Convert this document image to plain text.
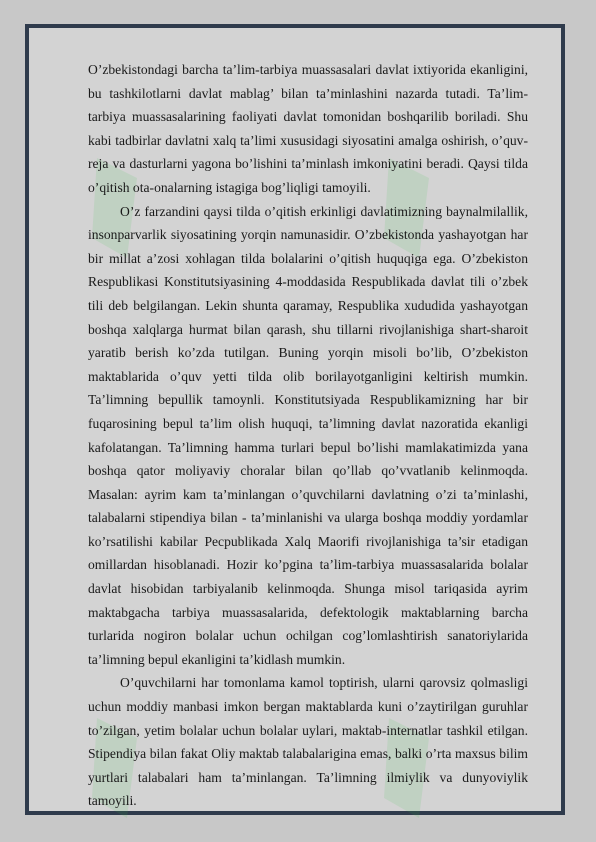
O’zbekistondagi barcha ta’lim-tarbiya muassasalari davlat ixtiyorida ekanligini, bu tashkilotlarni davlat mablag’ bilan ta’minlashini nazarda tutadi. Ta’lim-tarbiya muassasalarining faoliyati davlat tomonidan boshqarilib boriladi. Shu kabi tadbirlar davlatni xalq ta’limi xususidagi siyosatini amalga oshirish, o’quv-reja va dasturlarni yagona bo’lishini ta’minlash imkoniyatini beradi. Qaysi tilda o’qitish ota-onalarning istagiga bog’liqligi tamoyili.

O’z farzandini qaysi tilda o’qitish erkinligi davlatimizning baynalmilallik, insonparvarlik siyosatining yorqin namunasidir. O’zbekistonda yashayotgan har bir millat a’zosi xohlagan tilda bolalarini o’qitish huquqiga ega. O’zbekiston Respublikasi Konstitutsiyasining 4-moddasida Respublikada davlat tili o’zbek tili deb belgilangan. Lekin shunta qaramay, Respublika xududida yashayotgan boshqa xalqlarga hurmat bilan qarash, shu tillarni rivojlanishiga shart-sharoit yaratib berish ko’zda tutilgan. Buning yorqin misoli bo’lib, O’zbekiston maktablarida o’quv yetti tilda olib borilayotganligini keltirish mumkin. Ta’limning bepullik tamoynli. Konstitutsiyada Respublikamizning har bir fuqarosining bepul ta’lim olish huquqi, ta’limning davlat nazoratida ekanligi kafolatangan. Ta’limning hamma turlari bepul bo’lishi mamlakatimizda yana boshqa qator moliyaviy choralar bilan qo’llab qo’vvatlanib kelinmoqda. Masalan: ayrim kam ta’minlangan o’quvchilarni davlatning o’zi ta’minlashi, talabalarni stipendiya bilan - ta’minlanishi va ularga boshqa moddiy yordamlar ko’rsatilishi kabilar Pecpublikada Xalq Maorifi rivojlanishiga ta’sir etadigan omillardan hisoblanadi. Hozir ko’pgina ta’lim-tarbiya muassasalarida bolalar davlat hisobidan tarbiyalanib kelinmoqda. Shunga misol tariqasida ayrim maktabgacha tarbiya muassasalarida, defektologik maktablarning barcha turlarida nogiron bolalar uchun ochilgan cog’lomlashtirish sanatoriylarida ta’limning bepul ekanligini ta’kidlash mumkin.

O’quvchilarni har tomonlama kamol toptirish, ularni qarovsiz qolmasligi uchun moddiy manbasi imkon bergan maktablarda kuni o’zaytirilgan guruhlar to’zilgan, yetim bolalar uchun bolalar uylari, maktab-internatlar tashkil etilgan. Stipendiya bilan fakat Oliy maktab talabalarigina emas, balki o’rta maxsus bilim yurtlari talabalari ham ta’minlangan. Ta’limning ilmiylik va dunyoviylik tamoyili.
